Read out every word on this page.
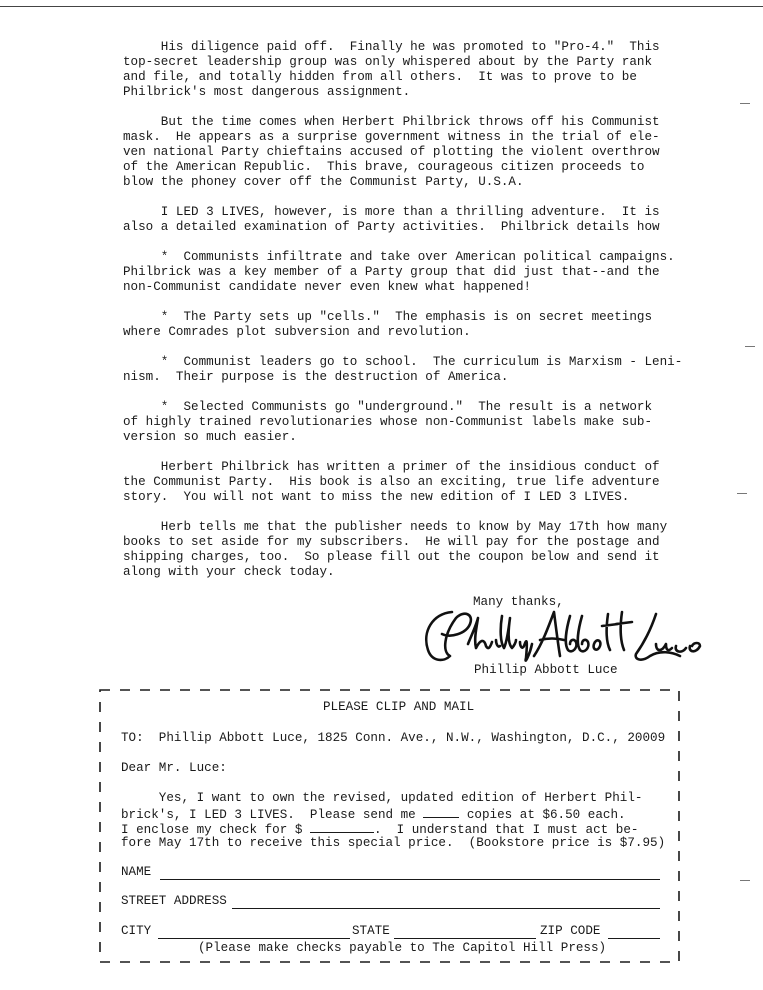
His diligence paid off.  Finally he was promoted to "Pro-4."  This
top-secret leadership group was only whispered about by the Party rank
and file, and totally hidden from all others.  It was to prove to be
Philbrick's most dangerous assignment.
But the time comes when Herbert Philbrick throws off his Communist
mask.  He appears as a surprise government witness in the trial of ele-
ven national Party chieftains accused of plotting the violent overthrow
of the American Republic.  This brave, courageous citizen proceeds to
blow the phoney cover off the Communist Party, U.S.A.
I LED 3 LIVES, however, is more than a thrilling adventure.  It is
also a detailed examination of Party activities.  Philbrick details how
*  Communists infiltrate and take over American political campaigns.
Philbrick was a key member of a Party group that did just that--and the
non-Communist candidate never even knew what happened!
*  The Party sets up "cells."  The emphasis is on secret meetings
where Comrades plot subversion and revolution.
*  Communist leaders go to school.  The curriculum is Marxism - Leni-
nism.  Their purpose is the destruction of America.
*  Selected Communists go "underground."  The result is a network
of highly trained revolutionaries whose non-Communist labels make sub-
version so much easier.
Herbert Philbrick has written a primer of the insidious conduct of
the Communist Party.  His book is also an exciting, true life adventure
story.  You will not want to miss the new edition of I LED 3 LIVES.
Herb tells me that the publisher needs to know by May 17th how many
books to set aside for my subscribers.  He will pay for the postage and
shipping charges, too.  So please fill out the coupon below and send it
along with your check today.
Many thanks,
Phillip Abbott Luce
PLEASE CLIP AND MAIL
TO:  Phillip Abbott Luce, 1825 Conn. Ave., N.W., Washington, D.C., 20009
Dear Mr. Luce:
Yes, I want to own the revised, updated edition of Herbert Phil-
brick's, I LED 3 LIVES.  Please send me	copies at $6.50 each.
I enclose my check for $	.  I understand that I must act be-
fore May 17th to receive this special price.  (Bookstore price is $7.95)
NAME
STREET ADDRESS
CITY	STATE	ZIP CODE
(Please make checks payable to The Capitol Hill Press)
